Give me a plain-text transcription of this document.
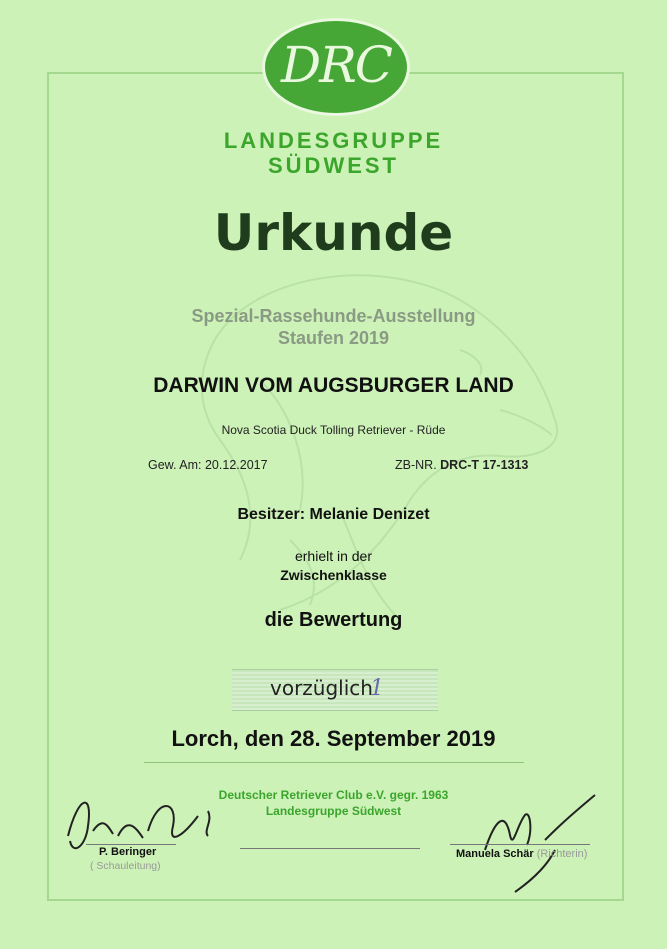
DRC
LANDESGRUPPE
SÜDWEST
Urkunde
Spezial-Rassehunde-Ausstellung
Staufen 2019
DARWIN VOM AUGSBURGER LAND
Nova Scotia Duck Tolling Retriever - Rüde
Gew. Am: 20.12.2017	ZB-NR. DRC-T 17-1313
Besitzer: Melanie Denizet
erhielt in der
Zwischenklasse
die Bewertung
vorzüglich
1
Lorch, den 28. September 2019
Deutscher Retriever Club e.V. gegr. 1963
Landesgruppe Südwest
P. Beringer
( Schauleitung)
Manuela Schär (Richterin)
